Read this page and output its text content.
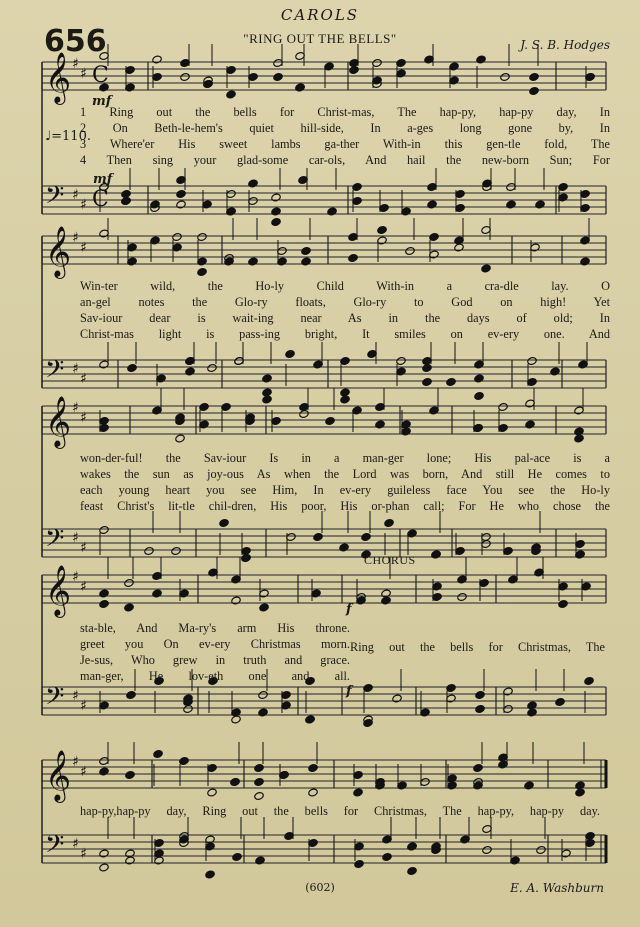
CAROLS
656	"RING OUT THE BELLS"	J. S. B. Hodges
♩=110.
𝄞 ♯
♯ C
𝄢 ♯
♯ C
𝄞 ♯
♯
𝄢 ♯
♯
𝄞 ♯
♯
𝄢 ♯
♯
𝄞 ♯
♯
𝄢 ♯
♯
𝄞 ♯
♯
𝄢 ♯
♯
mf
mf
f
f
1 Ring out the bells for Christ-mas, The hap-py, hap-py day, In
2 On Beth-le-hem's quiet hill-side, In a-ges long gone by, In
3 Where'er His sweet lambs ga-ther With-in this gen-tle fold, The
4 Then sing your glad-some car-ols, And hail the new-born Sun; For
Win-ter wild, the Ho-ly Child With-in a cra-dle lay. O
an-gel notes the Glo-ry floats, Glo-ry to God on high! Yet
Sav-iour dear is wait-ing near As in the days of old; In
Christ-mas light is pass-ing bright, It smiles on ev-ery one. And
won-der-ful! the Sav-iour Is in a man-ger lone; His pal-ace is a
wakes the sun as joy-ous As when the Lord was born, And still He comes to
each young heart you see Him, In ev-ery guileless face You see the Ho-ly
feast Christ's lit-tle chil-dren, His poor, His or-phan call; For He who chose the
CHORUS
sta-ble, And Ma-ry's arm His throne.
greet you On ev-ery Christmas morn.
Je-sus, Who grew in truth and grace.
man-ger, He lov-eth one and all.
Ring out the bells for Christmas, The
hap-py,hap-py day, Ring out the bells for Christmas, The hap-py, hap-py day.
(602)	E. A. Washburn
